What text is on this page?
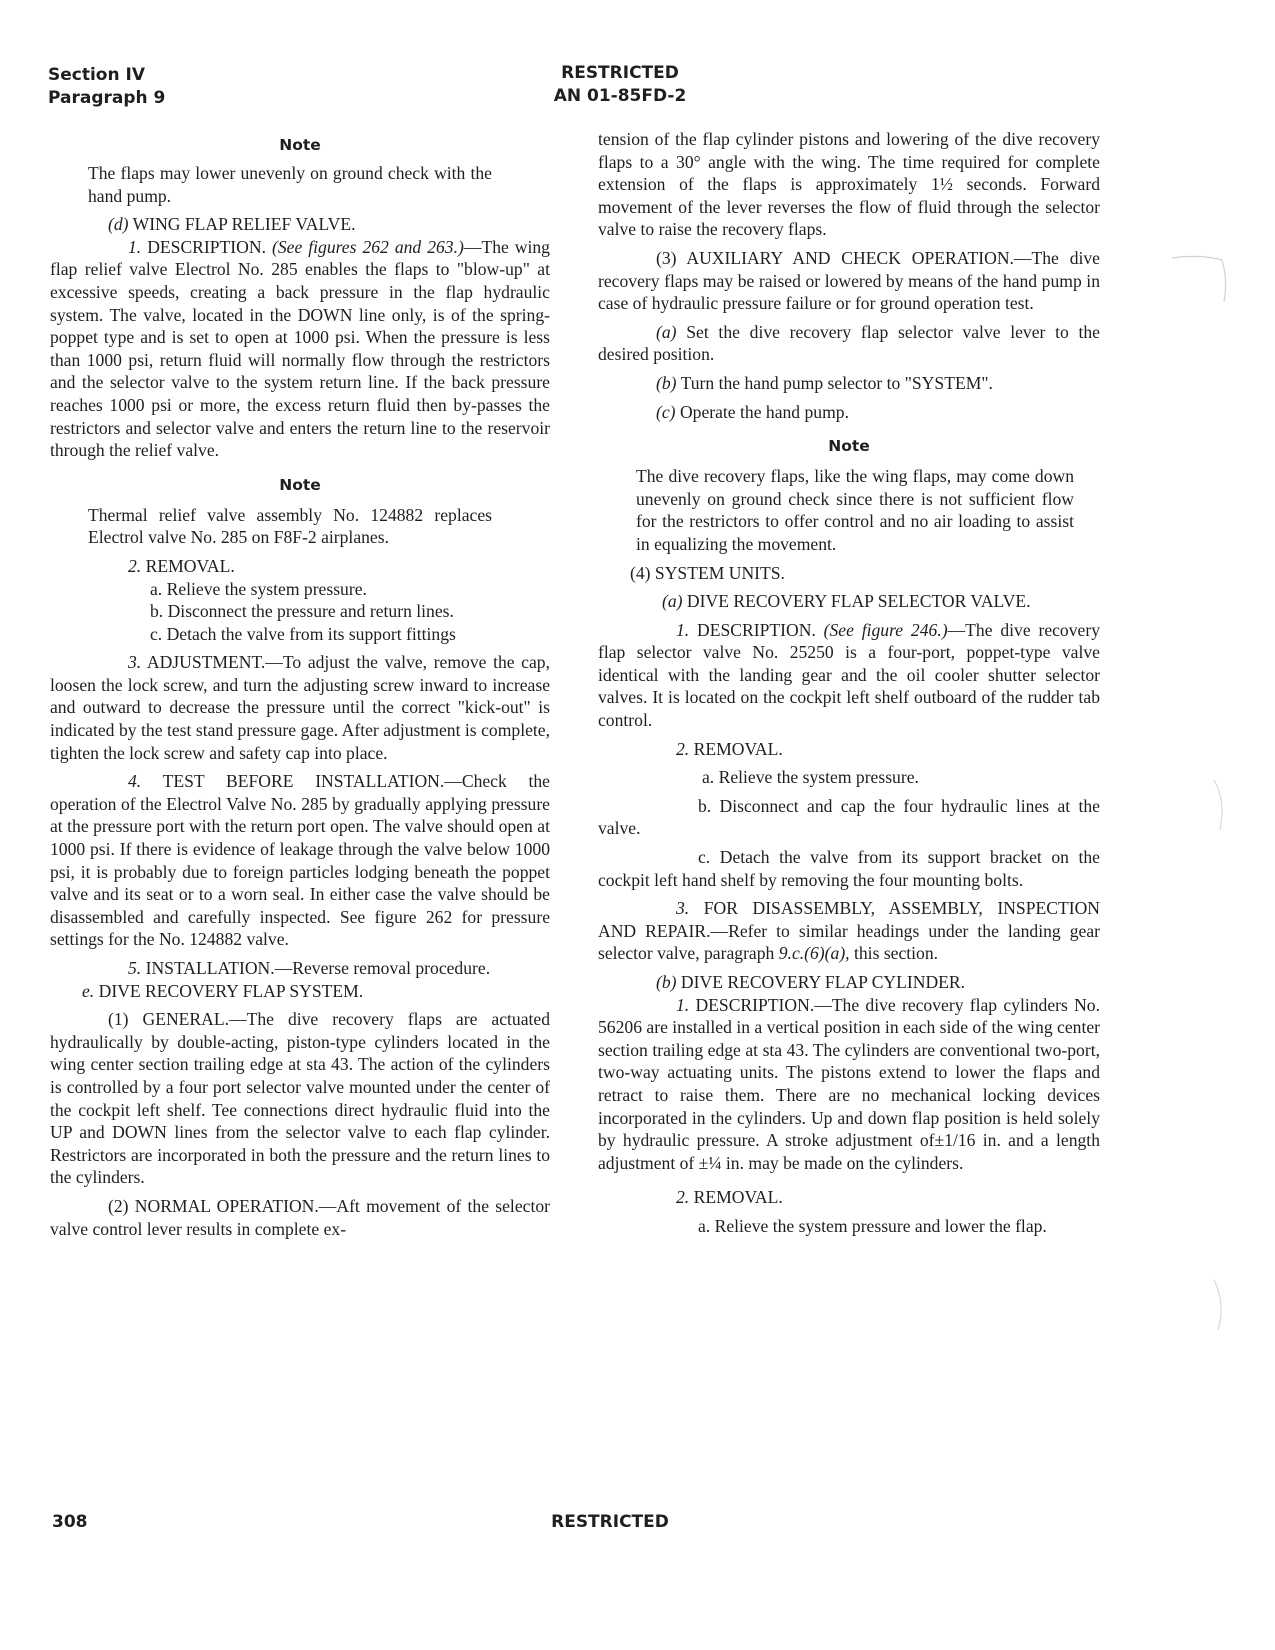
Section IV
Paragraph 9
RESTRICTED
AN 01-85FD-2

Note

The flaps may lower unevenly on ground check with the hand pump.

(d) WING FLAP RELIEF VALVE.

1. DESCRIPTION. (See figures 262 and 263.)—The wing flap relief valve Electrol No. 285 enables the flaps to "blow-up" at excessive speeds, creating a back pressure in the flap hydraulic system. The valve, located in the DOWN line only, is of the spring-poppet type and is set to open at 1000 psi. When the pressure is less than 1000 psi, return fluid will normally flow through the restrictors and the selector valve to the system return line. If the back pressure reaches 1000 psi or more, the excess return fluid then by-passes the restrictors and selector valve and enters the return line to the reservoir through the relief valve.

Note

Thermal relief valve assembly No. 124882 replaces Electrol valve No. 285 on F8F-2 airplanes.

2. REMOVAL.

a. Relieve the system pressure.

b. Disconnect the pressure and return lines.

c. Detach the valve from its support fittings

3. ADJUSTMENT.—To adjust the valve, remove the cap, loosen the lock screw, and turn the adjusting screw inward to increase and outward to decrease the pressure until the correct "kick-out" is indicated by the test stand pressure gage. After adjustment is complete, tighten the lock screw and safety cap into place.

4. TEST BEFORE INSTALLATION.—Check the operation of the Electrol Valve No. 285 by gradually applying pressure at the pressure port with the return port open. The valve should open at 1000 psi. If there is evidence of leakage through the valve below 1000 psi, it is probably due to foreign particles lodging beneath the poppet valve and its seat or to a worn seal. In either case the valve should be disassembled and carefully inspected. See figure 262 for pressure settings for the No. 124882 valve.

5. INSTALLATION.—Reverse removal procedure.

e. DIVE RECOVERY FLAP SYSTEM.

(1) GENERAL.—The dive recovery flaps are actuated hydraulically by double-acting, piston-type cylinders located in the wing center section trailing edge at sta 43. The action of the cylinders is controlled by a four port selector valve mounted under the center of the cockpit left shelf. Tee connections direct hydraulic fluid into the UP and DOWN lines from the selector valve to each flap cylinder. Restrictors are incorporated in both the pressure and the return lines to the cylinders.

(2) NORMAL OPERATION.—Aft movement of the selector valve control lever results in complete ex-

tension of the flap cylinder pistons and lowering of the dive recovery flaps to a 30° angle with the wing. The time required for complete extension of the flaps is approximately 1½ seconds. Forward movement of the lever reverses the flow of fluid through the selector valve to raise the recovery flaps.

(3) AUXILIARY AND CHECK OPERATION.—The dive recovery flaps may be raised or lowered by means of the hand pump in case of hydraulic pressure failure or for ground operation test.

(a) Set the dive recovery flap selector valve lever to the desired position.

(b) Turn the hand pump selector to "SYSTEM".

(c) Operate the hand pump.

Note

The dive recovery flaps, like the wing flaps, may come down unevenly on ground check since there is not sufficient flow for the restrictors to offer control and no air loading to assist in equalizing the movement.

(4) SYSTEM UNITS.

(a) DIVE RECOVERY FLAP SELECTOR VALVE.

1. DESCRIPTION. (See figure 246.)—The dive recovery flap selector valve No. 25250 is a four-port, poppet-type valve identical with the landing gear and the oil cooler shutter selector valves. It is located on the cockpit left shelf outboard of the rudder tab control.

2. REMOVAL.

a. Relieve the system pressure.

b. Disconnect and cap the four hydraulic lines at the valve.

c. Detach the valve from its support bracket on the cockpit left hand shelf by removing the four mounting bolts.

3. FOR DISASSEMBLY, ASSEMBLY, INSPECTION AND REPAIR.—Refer to similar headings under the landing gear selector valve, paragraph 9.c.(6)(a), this section.

(b) DIVE RECOVERY FLAP CYLINDER.

1. DESCRIPTION.—The dive recovery flap cylinders No. 56206 are installed in a vertical position in each side of the wing center section trailing edge at sta 43. The cylinders are conventional two-port, two-way actuating units. The pistons extend to lower the flaps and retract to raise them. There are no mechanical locking devices incorporated in the cylinders. Up and down flap position is held solely by hydraulic pressure. A stroke adjustment of±1/16 in. and a length adjustment of ±¼ in. may be made on the cylinders.

2. REMOVAL.

a. Relieve the system pressure and lower the flap.

308	RESTRICTED
